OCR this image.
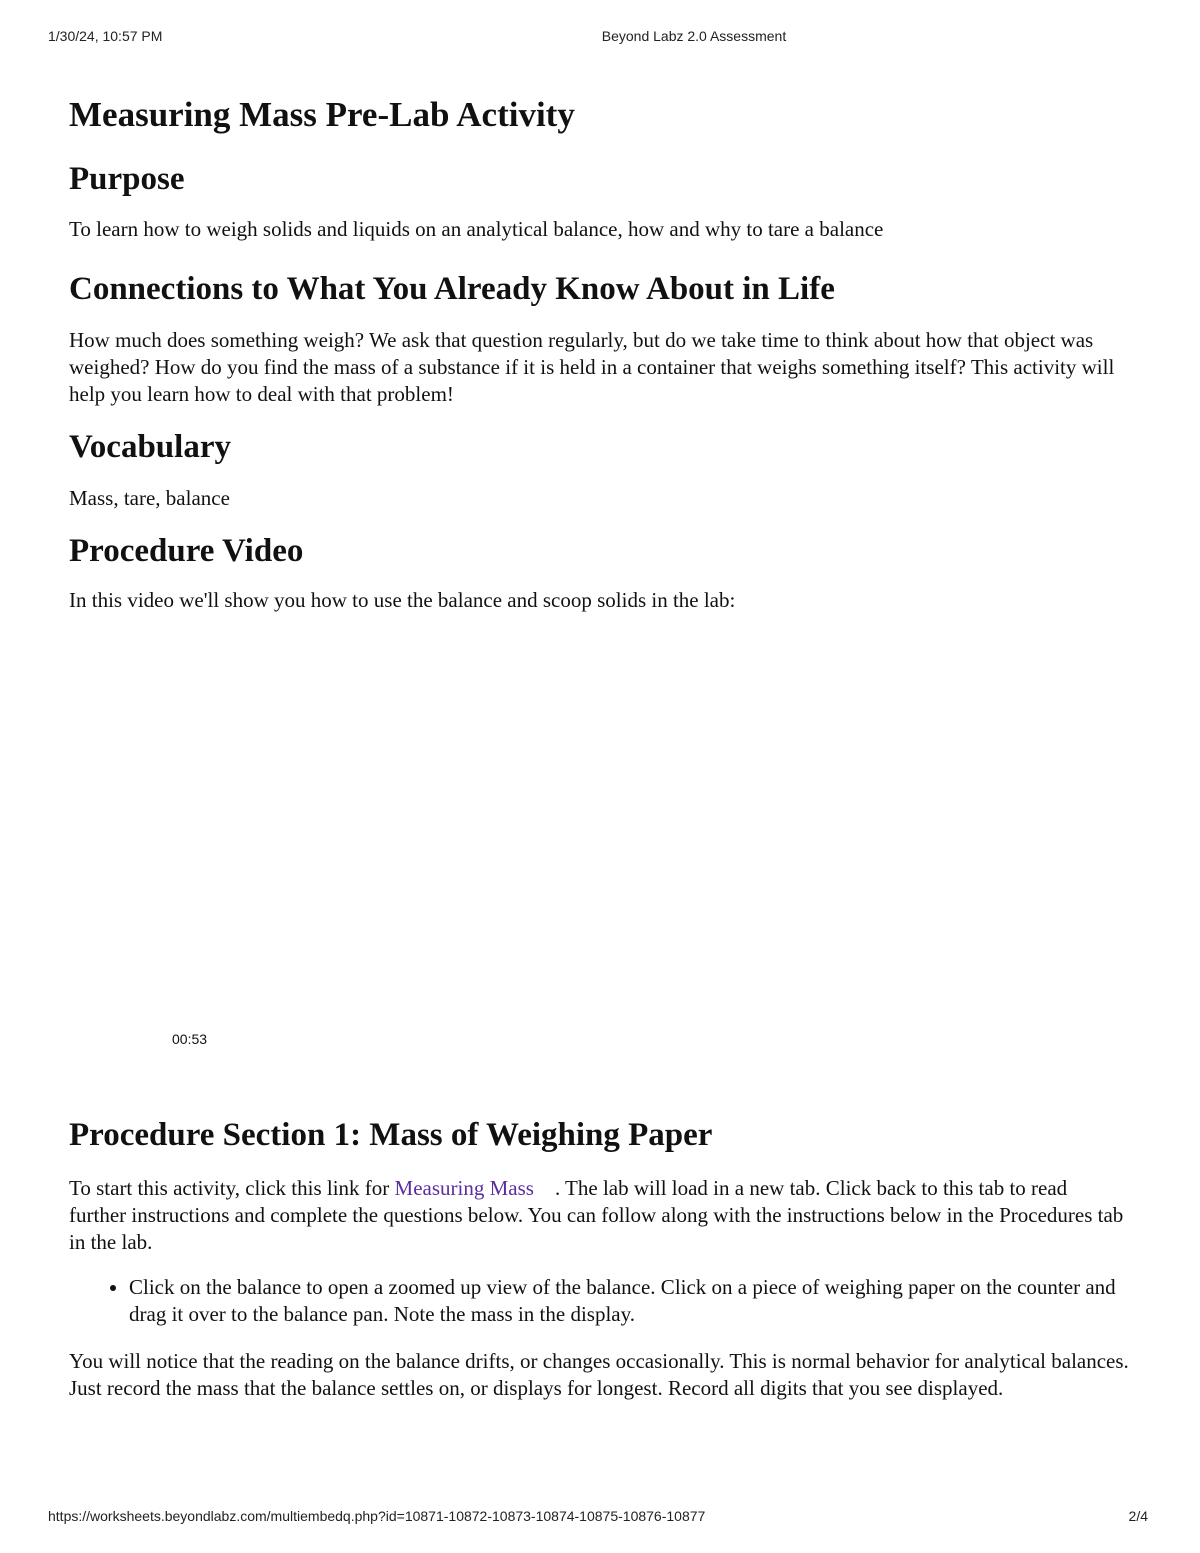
1/30/24, 10:57 PM	Beyond Labz 2.0 Assessment
Measuring Mass Pre-Lab Activity
Purpose

To learn how to weigh solids and liquids on an analytical balance, how and why to tare a balance

Connections to What You Already Know About in Life

How much does something weigh? We ask that question regularly, but do we take time to think about how that object was weighed? How do you find the mass of a substance if it is held in a container that weighs something itself? This activity will help you learn how to deal with that problem!

Vocabulary

Mass, tare, balance

Procedure Video

In this video we'll show you how to use the balance and scoop solids in the lab:

00:53
Procedure Section 1: Mass of Weighing Paper

To start this activity, click this link for Measuring Mass    . The lab will load in a new tab. Click back to this tab to read further instructions and complete the questions below. You can follow along with the instructions below in the Procedures tab in the lab.

• Click on the balance to open a zoomed up view of the balance. Click on a piece of weighing paper on the counter and drag it over to the balance pan. Note the mass in the display.

You will notice that the reading on the balance drifts, or changes occasionally. This is normal behavior for analytical balances. Just record the mass that the balance settles on, or displays for longest. Record all digits that you see displayed.

https://worksheets.beyondlabz.com/multiembedq.php?id=10871-10872-10873-10874-10875-10876-10877	2/4
